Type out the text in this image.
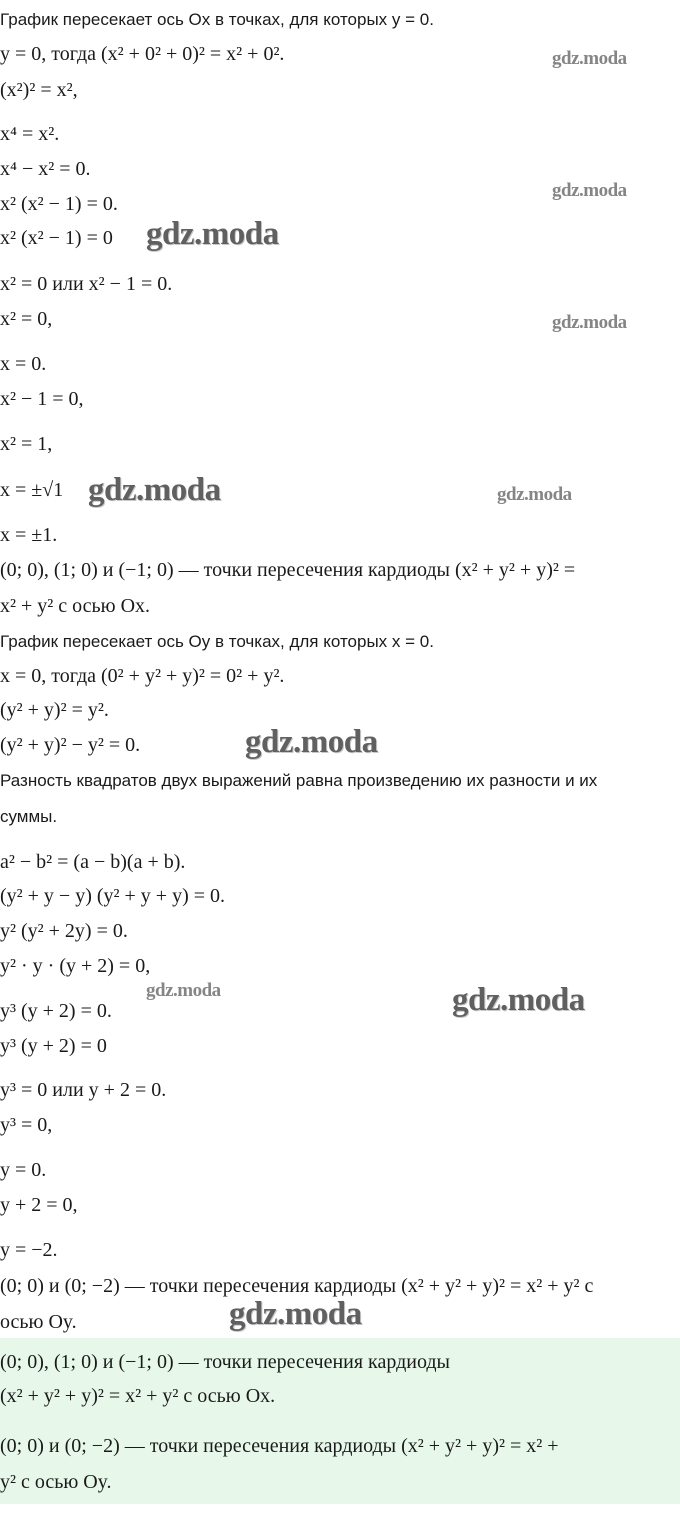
График пересекает ось Ox в точках, для которых y = 0.
y = 0, тогда (x² + 0² + 0)² = x² + 0².
(x²)² = x²,
x⁴ = x².
x⁴ − x² = 0.
x² (x² − 1) = 0.
x² (x² − 1) = 0
x² = 0 или x² − 1 = 0.
x² = 0,
x = 0.
x² − 1 = 0,
x² = 1,
x = ±√1
x = ±1.
(0; 0), (1; 0) и (−1; 0) — точки пересечения кардиоды (x² + y² + y)² =
x² + y² с осью Ox.
График пересекает ось Oy в точках, для которых x = 0.
x = 0, тогда (0² + y² + y)² = 0² + y².
(y² + y)² = y².
(y² + y)² − y² = 0.
Разность квадратов двух выражений равна произведению их разности и их
суммы.
a² − b² = (a − b)(a + b).
(y² + y − y) (y² + y + y) = 0.
y² (y² + 2y) = 0.
y² · y · (y + 2) = 0,
y³ (y + 2) = 0.
y³ (y + 2) = 0
y³ = 0 или y + 2 = 0.
y³ = 0,
y = 0.
y + 2 = 0,
y = −2.
(0; 0) и (0; −2) — точки пересечения кардиоды (x² + y² + y)² = x² + y² с
осью Oy.
(0; 0), (1; 0) и (−1; 0) — точки пересечения кардиоды
(x² + y² + y)² = x² + y² с осью Ox.
(0; 0) и (0; −2) — точки пересечения кардиоды (x² + y² + y)² = x² +
y² с осью Oy.
gdz.moda
gdz.moda
gdz.moda
gdz.moda
gdz.moda	gdz.moda
gdz.moda
gdz.moda	gdz.moda
gdz.moda
